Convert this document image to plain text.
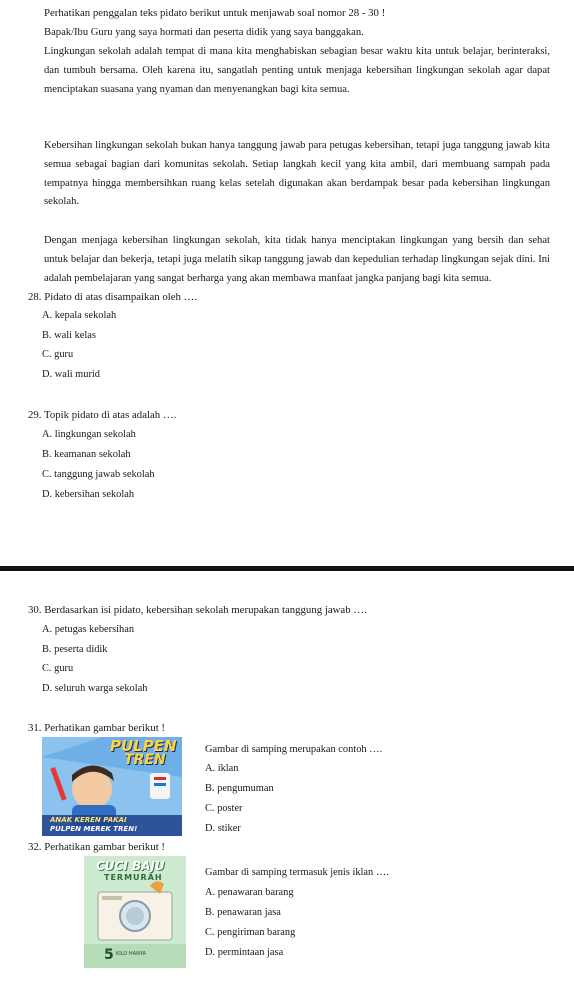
Perhatikan penggalan teks pidato berikut untuk menjawab soal nomor 28 - 30 !
Bapak/Ibu Guru yang saya hormati dan peserta didik yang saya banggakan.
Lingkungan sekolah adalah tempat di mana kita menghabiskan sebagian besar waktu kita untuk belajar, berinteraksi, dan tumbuh bersama. Oleh karena itu, sangatlah penting untuk menjaga kebersihan lingkungan sekolah agar dapat menciptakan suasana yang nyaman dan menyenangkan bagi kita semua.
Kebersihan lingkungan sekolah bukan hanya tanggung jawab para petugas kebersihan, tetapi juga tanggung jawab kita semua sebagai bagian dari komunitas sekolah. Setiap langkah kecil yang kita ambil, dari membuang sampah pada tempatnya hingga membersihkan ruang kelas setelah digunakan akan berdampak besar pada kebersihan lingkungan sekolah.
Dengan menjaga kebersihan lingkungan sekolah, kita tidak hanya menciptakan lingkungan yang bersih dan sehat untuk belajar dan bekerja, tetapi juga melatih sikap tanggung jawab dan kepedulian terhadap lingkungan sejak dini. Ini adalah pembelajaran yang sangat berharga yang akan membawa manfaat jangka panjang bagi kita semua.
28. Pidato di atas disampaikan oleh ….
A. kepala sekolah
B. wali kelas
C. guru
D. wali murid
29. Topik pidato di atas adalah ….
A. lingkungan sekolah
B. keamanan sekolah
C. tanggung jawab sekolah
D. kebersihan sekolah
30. Berdasarkan isi pidato, kebersihan sekolah merupakan tanggung jawab ….
A. petugas kebersihan
B. peserta didik
C. guru
D. seluruh warga sekolah
31. Perhatikan gambar berikut !
PULPEN
TREN
ANAK KEREN PAKAI
PULPEN MEREK TREN!
Gambar di samping merupakan contoh ….
A. iklan
B. pengumuman
C. poster
D. stiker
32. Perhatikan gambar berikut !
CUCI BAJU
TERMURAH
5 KILO HANYA
Gambar di samping termasuk jenis iklan ….
A. penawaran barang
B. penawaran jasa
C. pengiriman barang
D. permintaan jasa
